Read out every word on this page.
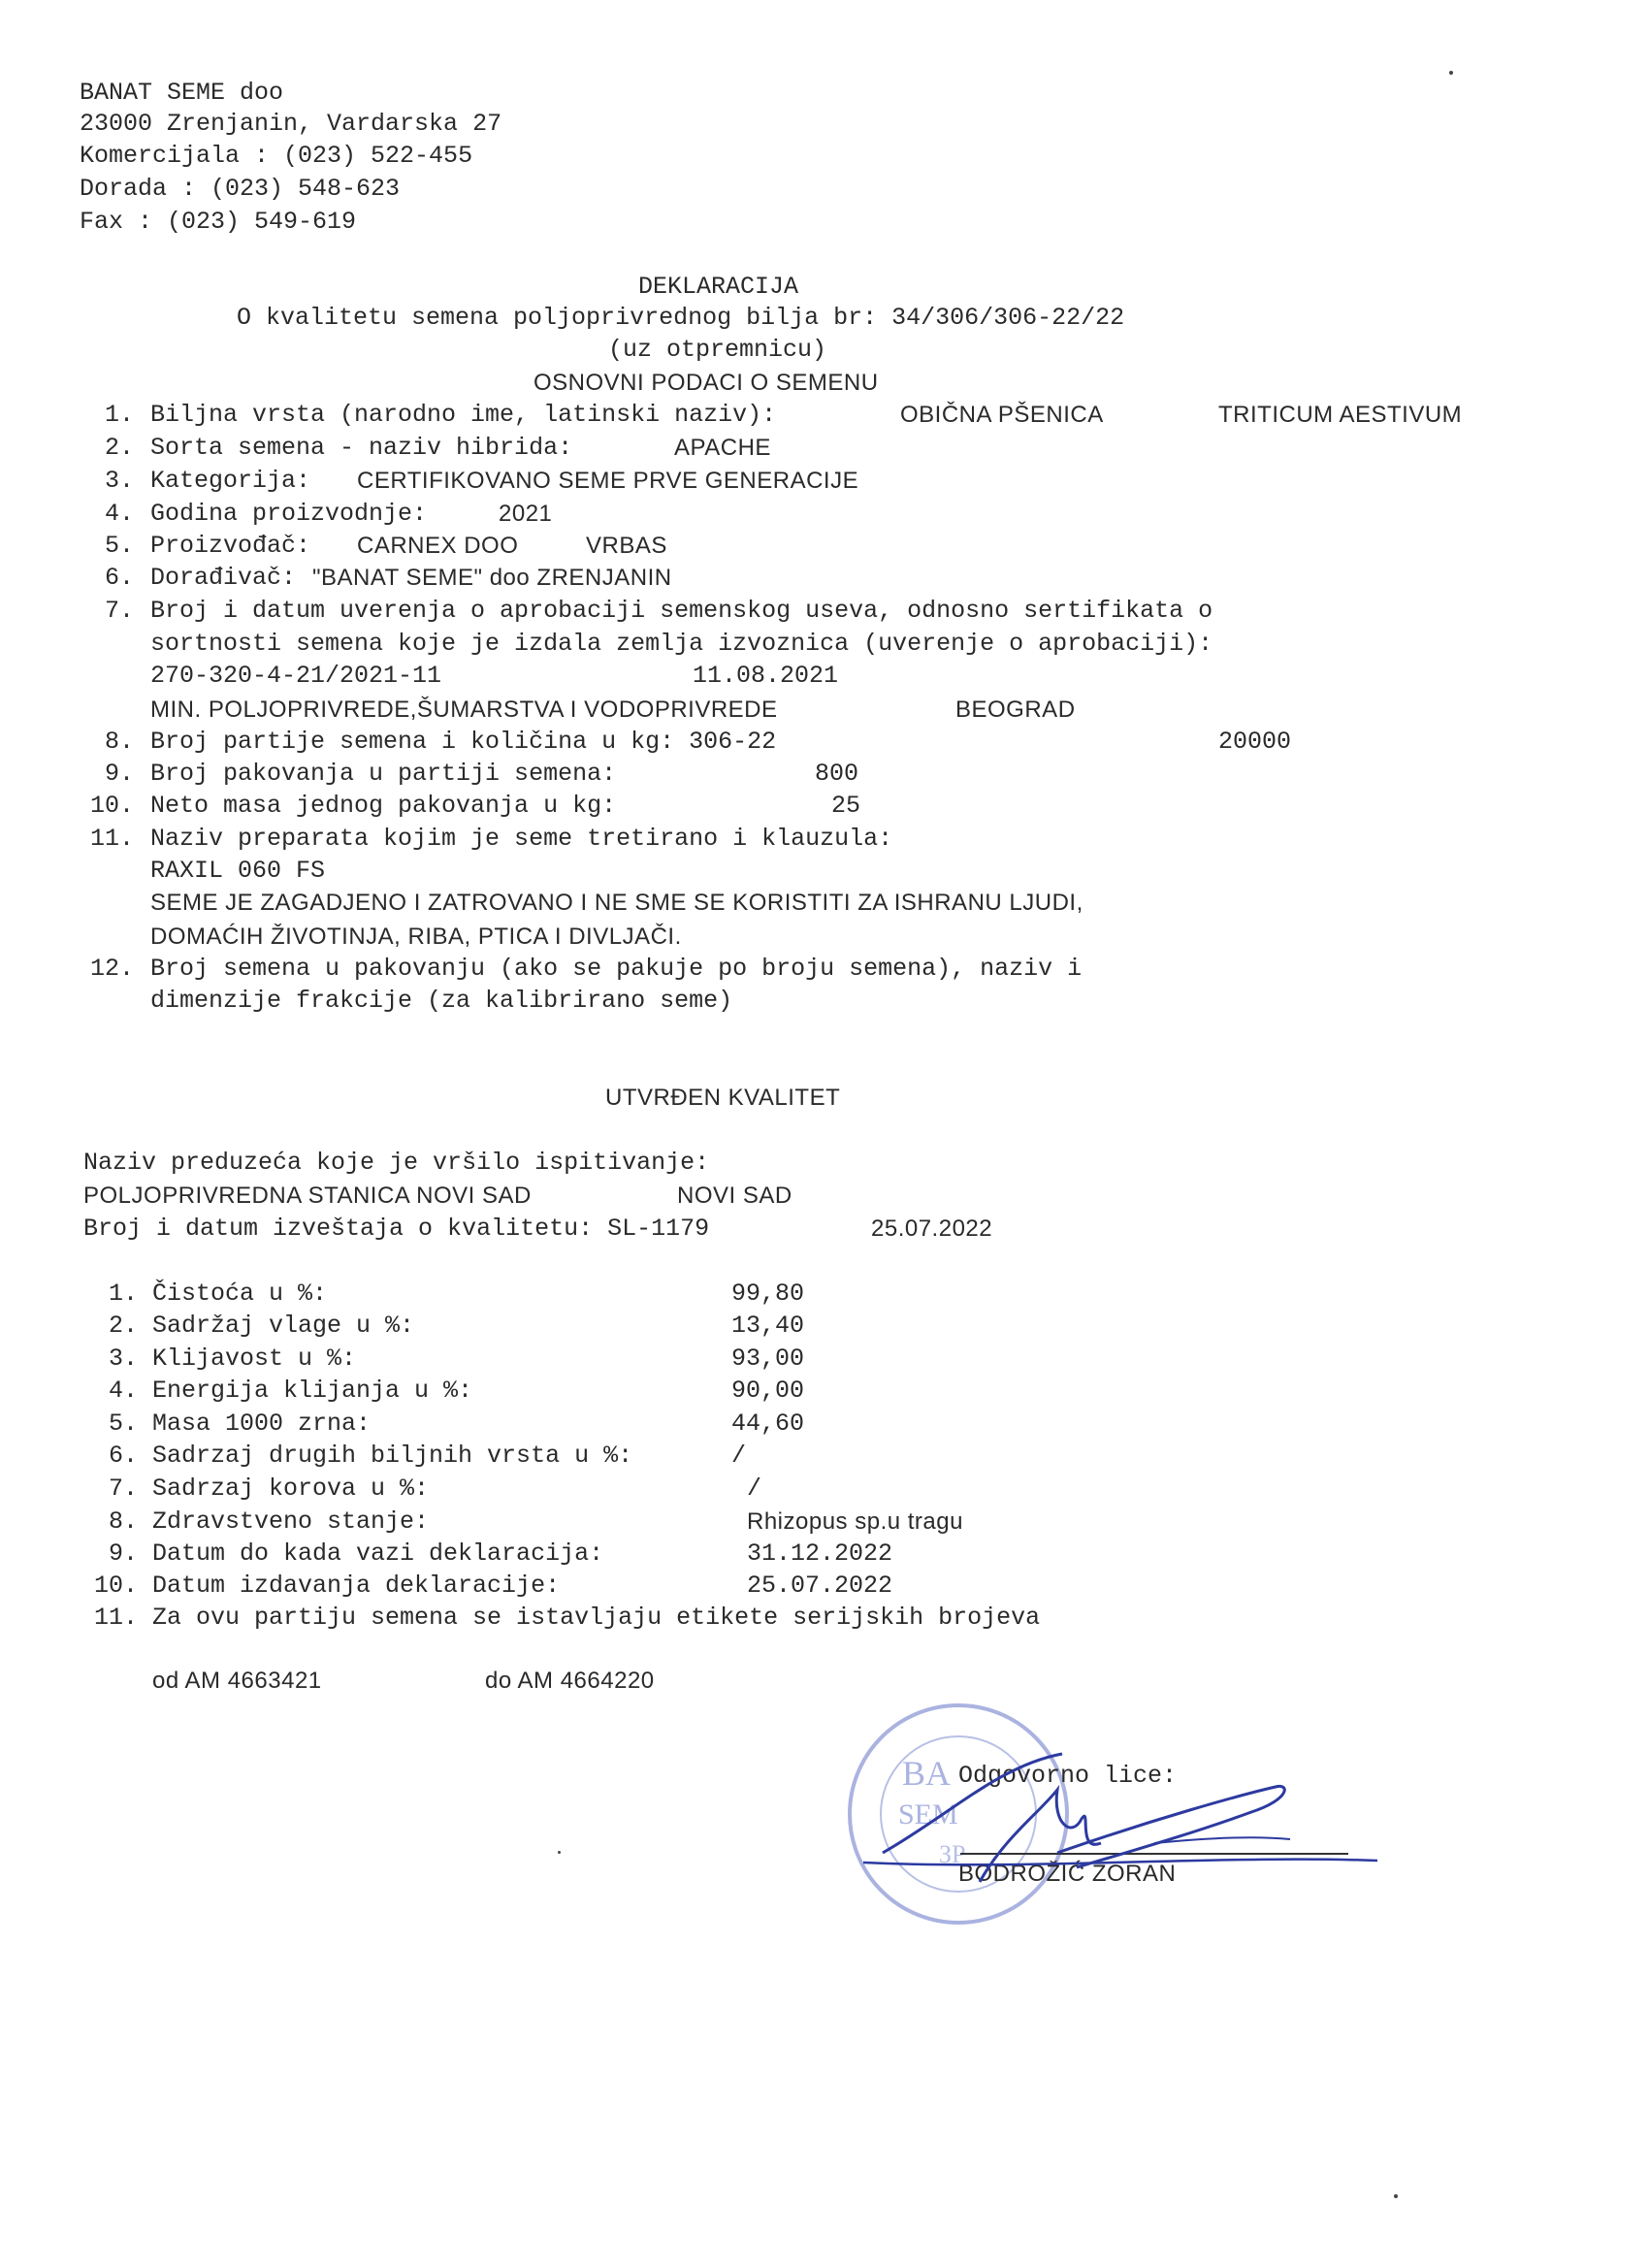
BANAT SEME doo
23000 Zrenjanin, Vardarska 27
Komercijala : (023) 522-455
Dorada : (023) 548-623
Fax : (023) 549-619
DEKLARACIJA
O kvalitetu semena poljoprivrednog bilja br: 34/306/306-22/22
(uz otpremnicu)
OSNOVNI PODACI O SEMENU
1. Biljna vrsta (narodno ime, latinski naziv):	OBIČNA PŠENICA	TRITICUM AESTIVUM
2. Sorta semena - naziv hibrida:	APACHE
3. Kategorija: CERTIFIKOVANO SEME PRVE GENERACIJE
4. Godina proizvodnje:	2021
5. Proizvođač: CARNEX DOO	VRBAS
6. Dorađivač: "BANAT SEME" doo ZRENJANIN
7. Broj i datum uverenja o aprobaciji semenskog useva, odnosno sertifikata o
sortnosti semena koje je izdala zemlja izvoznica (uverenje o aprobaciji):
270-320-4-21/2021-11	11.08.2021
MIN. POLJOPRIVREDE,ŠUMARSTVA I VODOPRIVREDE	BEOGRAD
8. Broj partije semena i količina u kg: 306-22	20000
9. Broj pakovanja u partiji semena:	800
10. Neto masa jednog pakovanja u kg:	25
11. Naziv preparata kojim je seme tretirano i klauzula:
RAXIL 060 FS
SEME JE ZAGADJENO I ZATROVANO I NE SME SE KORISTITI ZA ISHRANU LJUDI,
DOMAĆIH ŽIVOTINJA, RIBA, PTICA I DIVLJAČI.
12. Broj semena u pakovanju (ako se pakuje po broju semena), naziv i
dimenzije frakcije (za kalibrirano seme)
UTVRĐEN KVALITET
Naziv preduzeća koje je vršilo ispitivanje:
POLJOPRIVREDNA STANICA NOVI SAD	NOVI SAD
Broj i datum izveštaja o kvalitetu: SL-1179	25.07.2022
1. Čistoća u %:	99,80
2. Sadržaj vlage u %:	13,40
3. Klijavost u %:	93,00
4. Energija klijanja u %:	90,00
5. Masa 1000 zrna:	44,60
6. Sadrzaj drugih biljnih vrsta u %:	/
7. Sadrzaj korova u %:	/
8. Zdravstveno stanje:	Rhizopus sp.u tragu
9. Datum do kada vazi deklaracija:	31.12.2022
10. Datum izdavanja deklaracije:	25.07.2022
11. Za ovu partiju semena se istavljaju etikete serijskih brojeva
od AM 4663421	do AM 4664220
BA
SEM
ЗР
Odgovorno lice:
BODROŽIĆ ZORAN
